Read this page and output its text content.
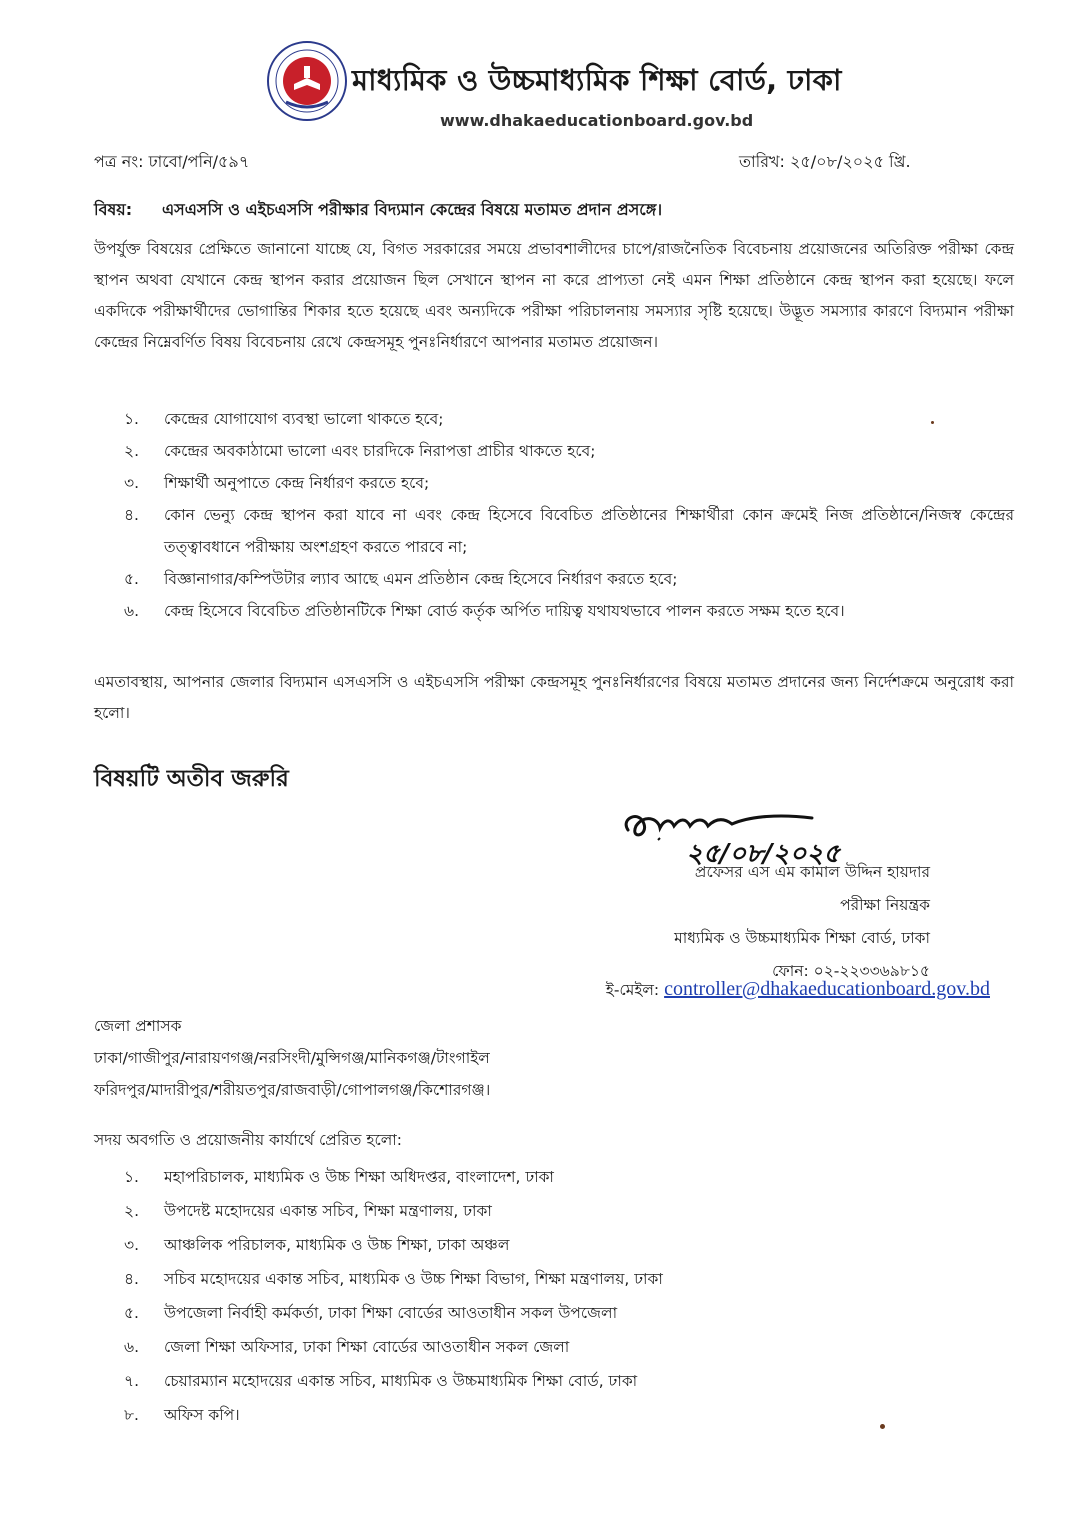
মাধ্যমিক ও উচ্চমাধ্যমিক শিক্ষা বোর্ড, ঢাকা
www.dhakaeducationboard.gov.bd
পত্র নং: ঢাবো/পনি/৫৯৭	তারিখ: ২৫/০৮/২০২৫ খ্রি.
বিষয়: এসএসসি ও এইচএসসি পরীক্ষার বিদ্যমান কেন্দ্রের বিষয়ে মতামত প্রদান প্রসঙ্গে।
উপর্যুক্ত বিষয়ের প্রেক্ষিতে জানানো যাচ্ছে যে, বিগত সরকারের সময়ে প্রভাবশালীদের চাপে/রাজনৈতিক বিবেচনায় প্রয়োজনের অতিরিক্ত পরীক্ষা কেন্দ্র স্থাপন অথবা যেখানে কেন্দ্র স্থাপন করার প্রয়োজন ছিল সেখানে স্থাপন না করে প্রাপ্যতা নেই এমন শিক্ষা প্রতিষ্ঠানে কেন্দ্র স্থাপন করা হয়েছে। ফলে একদিকে পরীক্ষার্থীদের ভোগান্তির শিকার হতে হয়েছে এবং অন্যদিকে পরীক্ষা পরিচালনায় সমস্যার সৃষ্টি হয়েছে। উদ্ভূত সমস্যার কারণে বিদ্যমান পরীক্ষা কেন্দ্রের নিম্নেবর্ণিত বিষয় বিবেচনায় রেখে কেন্দ্রসমূহ পুনঃনির্ধারণে আপনার মতামত প্রয়োজন।
১.	কেন্দ্রের যোগাযোগ ব্যবস্থা ভালো থাকতে হবে;
২.	কেন্দ্রের অবকাঠামো ভালো এবং চারদিকে নিরাপত্তা প্রাচীর থাকতে হবে;
৩.	শিক্ষার্থী অনুপাতে কেন্দ্র নির্ধারণ করতে হবে;
৪.	কোন ভেন্যু কেন্দ্র স্থাপন করা যাবে না এবং কেন্দ্র হিসেবে বিবেচিত প্রতিষ্ঠানের শিক্ষার্থীরা কোন ক্রমেই নিজ প্রতিষ্ঠানে/নিজস্ব কেন্দ্রের তত্ত্বাবধানে পরীক্ষায় অংশগ্রহণ করতে পারবে না;
৫.	বিজ্ঞানাগার/কম্পিউটার ল্যাব আছে এমন প্রতিষ্ঠান কেন্দ্র হিসেবে নির্ধারণ করতে হবে;
৬.	কেন্দ্র হিসেবে বিবেচিত প্রতিষ্ঠানটিকে শিক্ষা বোর্ড কর্তৃক অর্পিত দায়িত্ব যথাযথভাবে পালন করতে সক্ষম হতে হবে।
এমতাবস্থায়, আপনার জেলার বিদ্যমান এসএসসি ও এইচএসসি পরীক্ষা কেন্দ্রসমূহ পুনঃনির্ধারণের বিষয়ে মতামত প্রদানের জন্য নির্দেশক্রমে অনুরোধ করা হলো।
বিষয়টি অতীব জরুরি
২৫/০৮/২০২৫
প্রফেসর এস এম কামাল উদ্দিন হায়দার
পরীক্ষা নিয়ন্ত্রক
মাধ্যমিক ও উচ্চমাধ্যমিক শিক্ষা বোর্ড, ঢাকা
ফোন: ০২-২২৩৩৬৯৮১৫
ই-মেইল: controller@dhakaeducationboard.gov.bd
জেলা প্রশাসক
ঢাকা/গাজীপুর/নারায়ণগঞ্জ/নরসিংদী/মুন্সিগঞ্জ/মানিকগঞ্জ/টাংগাইল
ফরিদপুর/মাদারীপুর/শরীয়তপুর/রাজবাড়ী/গোপালগঞ্জ/কিশোরগঞ্জ।
সদয় অবগতি ও প্রয়োজনীয় কার্যার্থে প্রেরিত হলো:
১.	মহাপরিচালক, মাধ্যমিক ও উচ্চ শিক্ষা অধিদপ্তর, বাংলাদেশ, ঢাকা
২.	উপদেষ্ট মহোদয়ের একান্ত সচিব, শিক্ষা মন্ত্রণালয়, ঢাকা
৩.	আঞ্চলিক পরিচালক, মাধ্যমিক ও উচ্চ শিক্ষা, ঢাকা অঞ্চল
৪.	সচিব মহোদয়ের একান্ত সচিব, মাধ্যমিক ও উচ্চ শিক্ষা বিভাগ, শিক্ষা মন্ত্রণালয়, ঢাকা
৫.	উপজেলা নির্বাহী কর্মকর্তা, ঢাকা শিক্ষা বোর্ডের আওতাধীন সকল উপজেলা
৬.	জেলা শিক্ষা অফিসার, ঢাকা শিক্ষা বোর্ডের আওতাধীন সকল জেলা
৭.	চেয়ারম্যান মহোদয়ের একান্ত সচিব, মাধ্যমিক ও উচ্চমাধ্যমিক শিক্ষা বোর্ড, ঢাকা
৮.	অফিস কপি।
